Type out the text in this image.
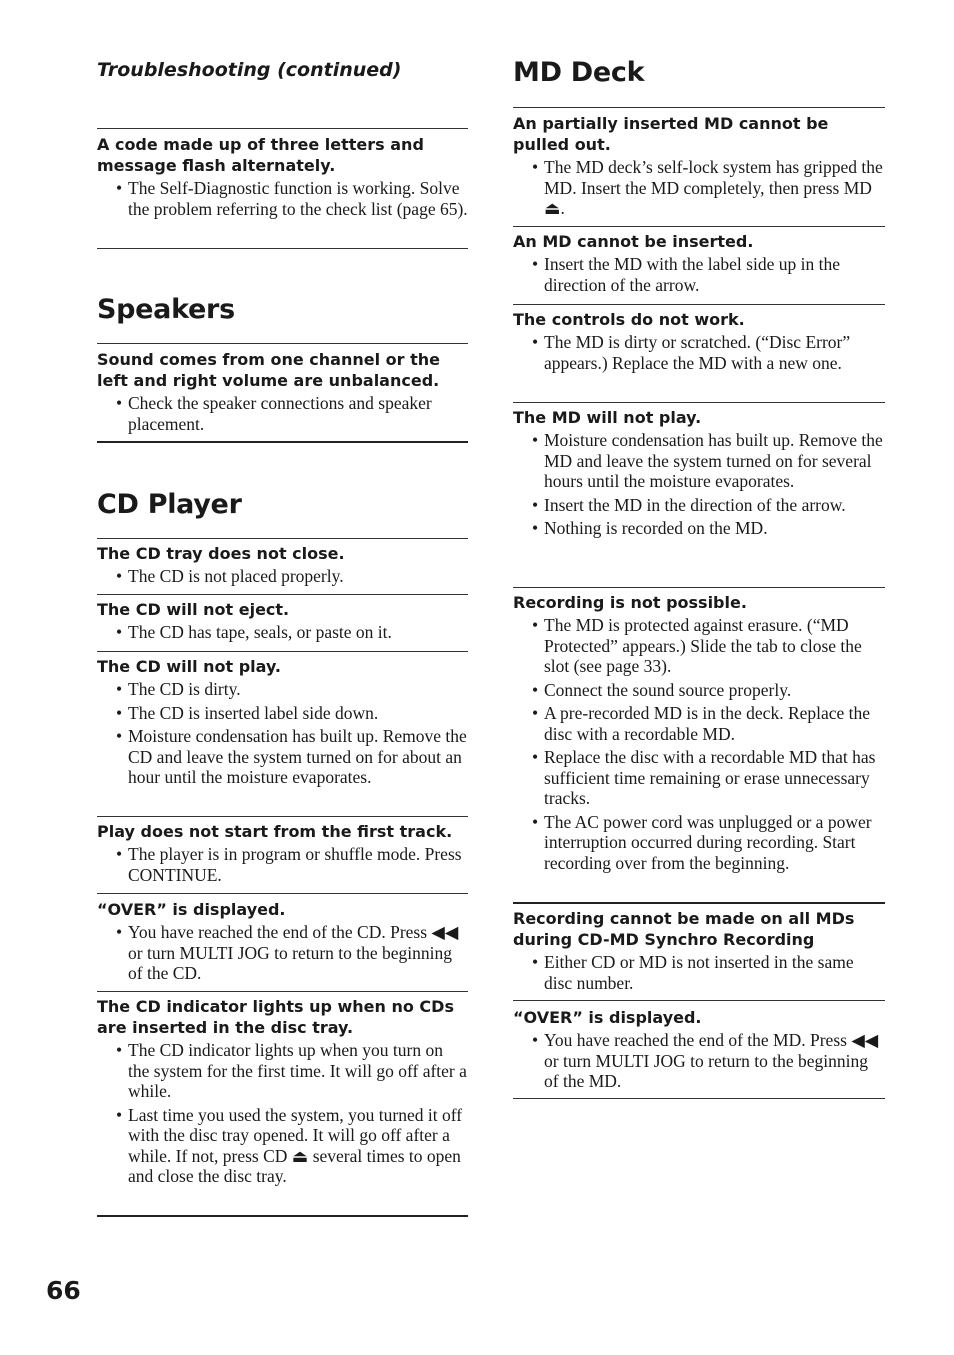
Troubleshooting (continued)

A code made up of three letters and message flash alternately.

• The Self-Diagnostic function is working. Solve the problem referring to the check list (page 65).
Speakers

Sound comes from one channel or the left and right volume are unbalanced.

• Check the speaker connections and speaker placement.
CD Player

The CD tray does not close.

• The CD is not placed properly.

The CD will not eject.

• The CD has tape, seals, or paste on it.

The CD will not play.

• The CD is dirty.
• The CD is inserted label side down.
• Moisture condensation has built up. Remove the CD and leave the system turned on for about an hour until the moisture evaporates.

Play does not start from the first track.

• The player is in program or shuffle mode. Press CONTINUE.

“OVER” is displayed.

• You have reached the end of the CD. Press ◀◀ or turn MULTI JOG to return to the beginning of the CD.

The CD indicator lights up when no CDs are inserted in the disc tray.

• The CD indicator lights up when you turn on the system for the first time. It will go off after a while.
• Last time you used the system, you turned it off with the disc tray opened. It will go off after a while. If not, press CD ⏏ several times to open and close the disc tray.
MD Deck

An partially inserted MD cannot be pulled out.

• The MD deck’s self-lock system has gripped the MD. Insert the MD completely, then press MD ⏏.

An MD cannot be inserted.

• Insert the MD with the label side up in the direction of the arrow.

The controls do not work.

• The MD is dirty or scratched. (“Disc Error” appears.) Replace the MD with a new one.

The MD will not play.

• Moisture condensation has built up. Remove the MD and leave the system turned on for several hours until the moisture evaporates.
• Insert the MD in the direction of the arrow.
• Nothing is recorded on the MD.

Recording is not possible.

• The MD is protected against erasure. (“MD Protected” appears.) Slide the tab to close the slot (see page 33).
• Connect the sound source properly.
• A pre-recorded MD is in the deck. Replace the disc with a recordable MD.
• Replace the disc with a recordable MD that has sufficient time remaining or erase unnecessary tracks.
• The AC power cord was unplugged or a power interruption occurred during recording. Start recording over from the beginning.

Recording cannot be made on all MDs during CD-MD Synchro Recording

• Either CD or MD is not inserted in the same disc number.

“OVER” is displayed.

• You have reached the end of the MD. Press ◀◀ or turn MULTI JOG to return to the beginning of the MD.
66
